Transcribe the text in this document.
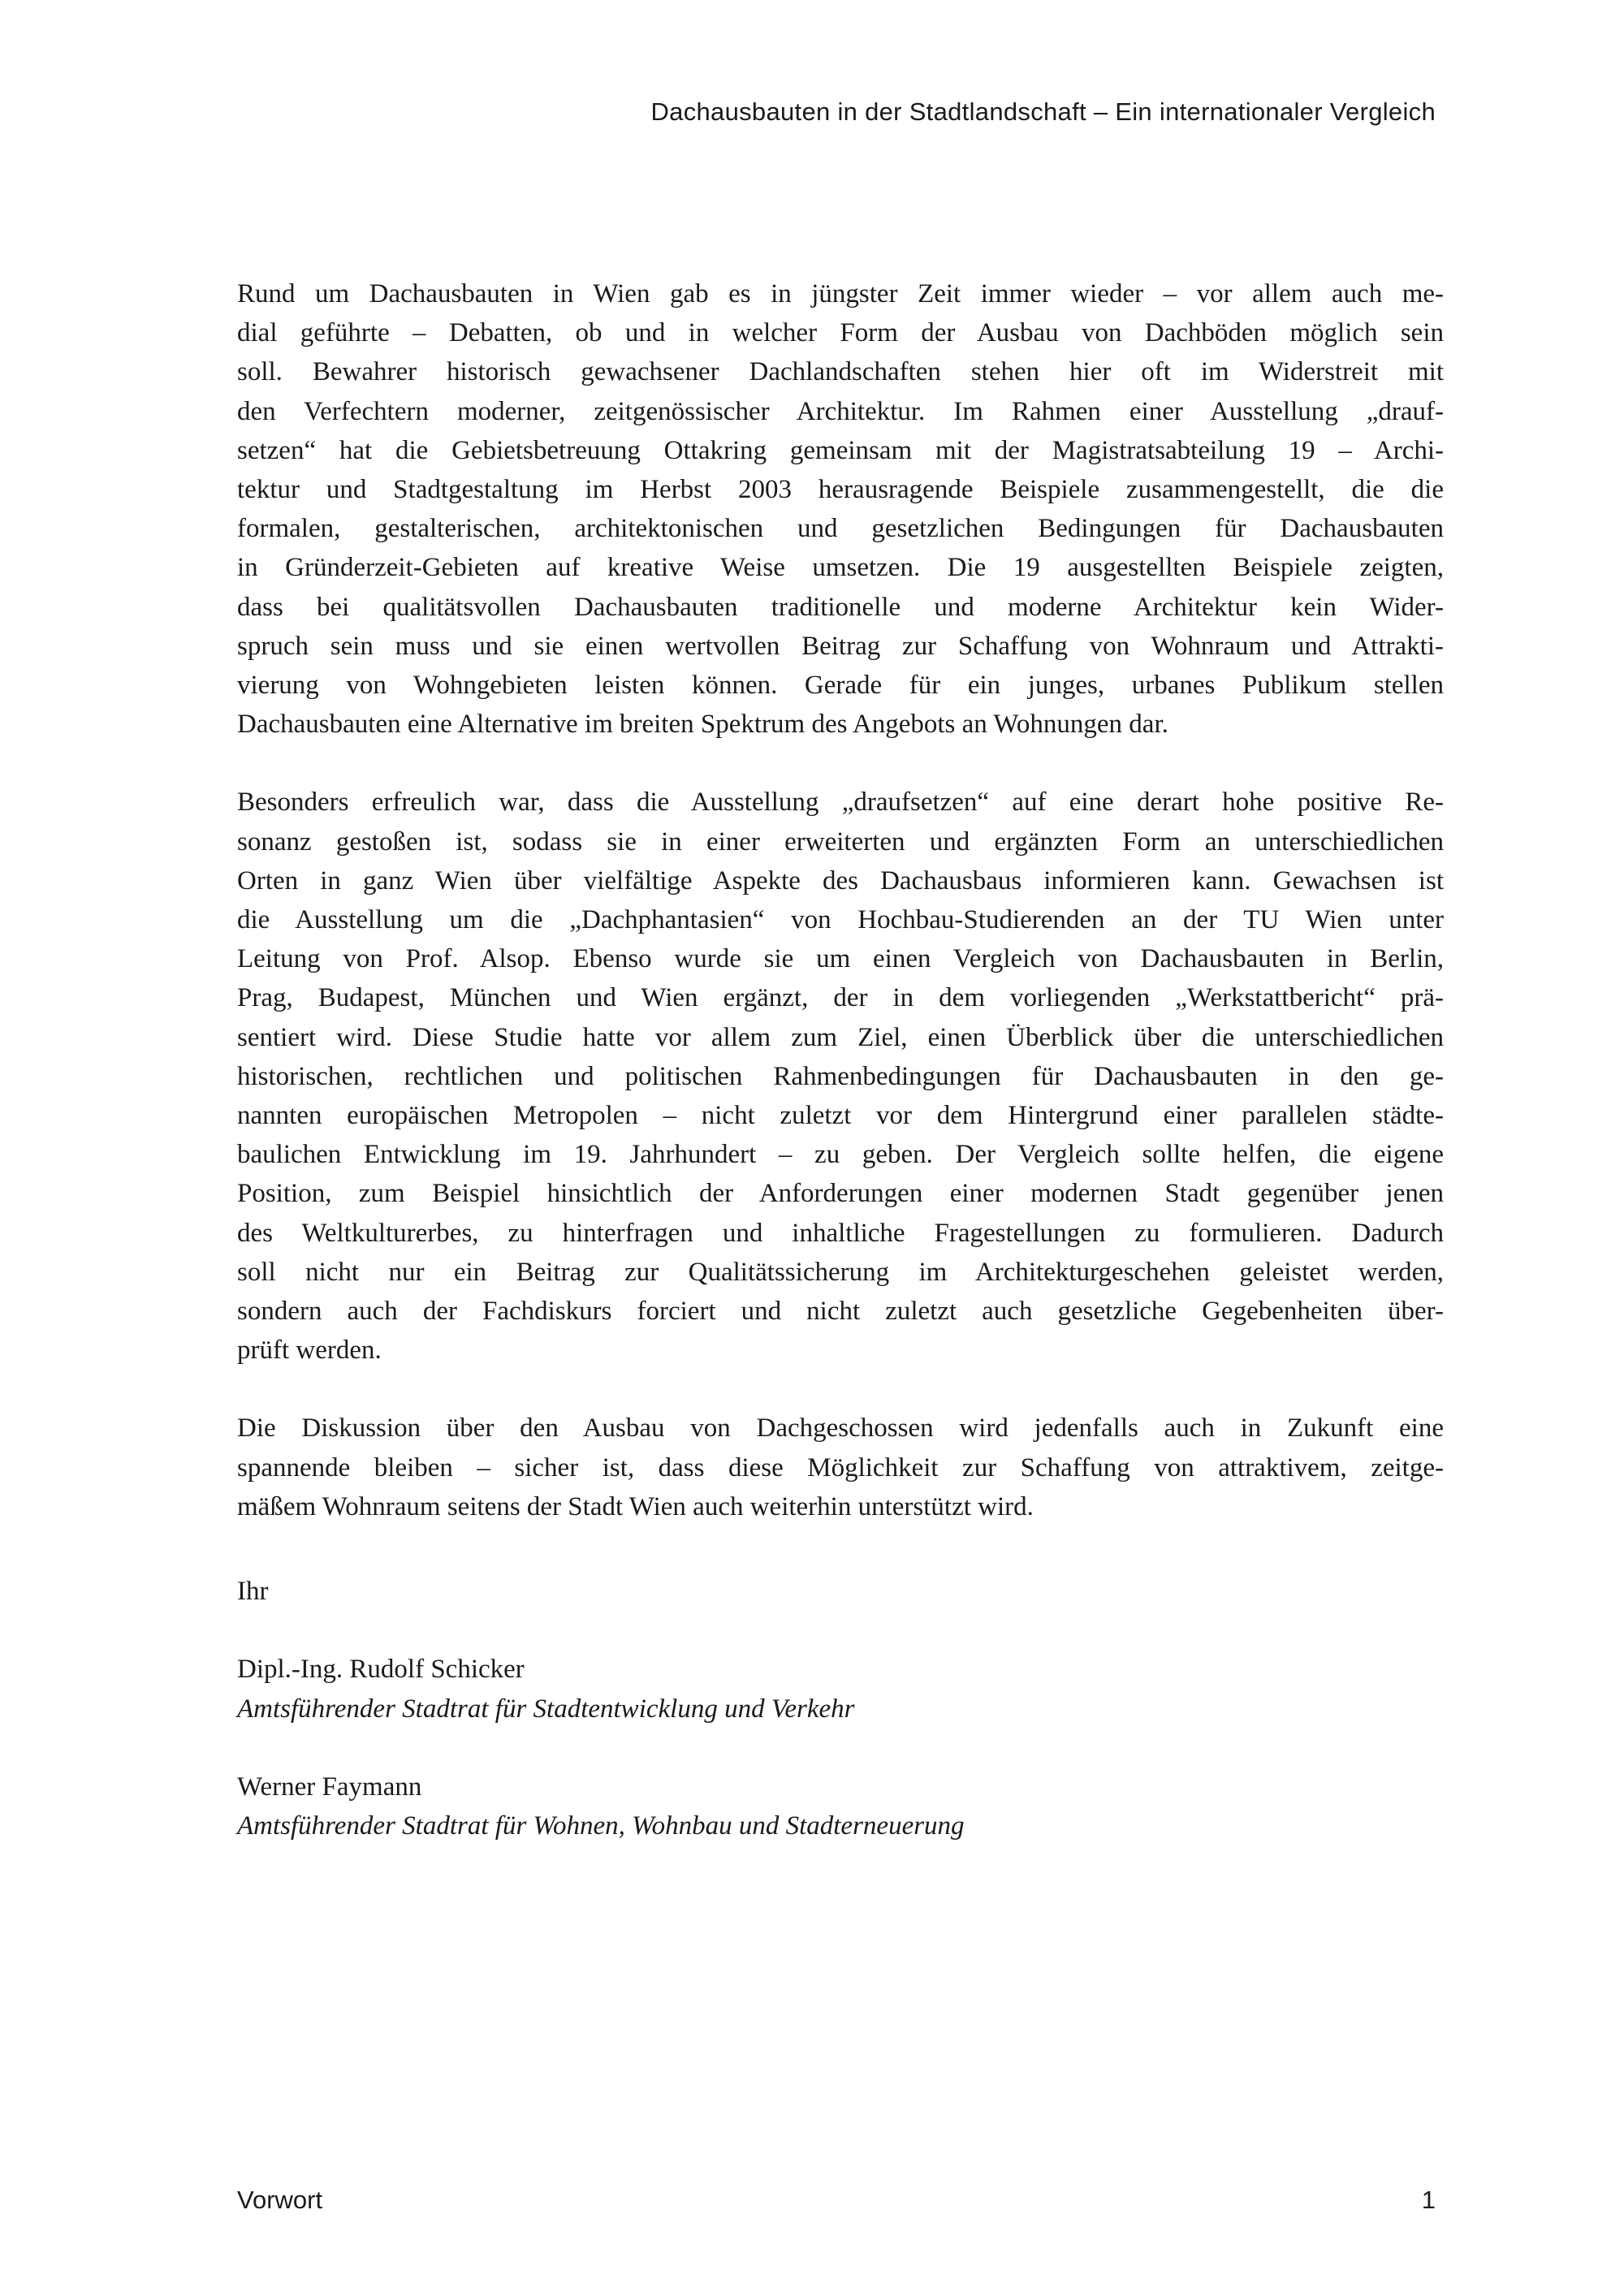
Dachausbauten in der Stadtlandschaft – Ein internationaler Vergleich

Rund um Dachausbauten in Wien gab es in jüngster Zeit immer wieder – vor allem auch me-
dial geführte – Debatten, ob und in welcher Form der Ausbau von Dachböden möglich sein
soll. Bewahrer historisch gewachsener Dachlandschaften stehen hier oft im Widerstreit mit
den Verfechtern moderner, zeitgenössischer Architektur. Im Rahmen einer Ausstellung „drauf-
setzen“ hat die Gebietsbetreuung Ottakring gemeinsam mit der Magistratsabteilung 19 – Archi-
tektur und Stadtgestaltung im Herbst 2003 herausragende Beispiele zusammengestellt, die die
formalen, gestalterischen, architektonischen und gesetzlichen Bedingungen für Dachausbauten
in Gründerzeit-Gebieten auf kreative Weise umsetzen. Die 19 ausgestellten Beispiele zeigten,
dass bei qualitätsvollen Dachausbauten traditionelle und moderne Architektur kein Wider-
spruch sein muss und sie einen wertvollen Beitrag zur Schaffung von Wohnraum und Attrakti-
vierung von Wohngebieten leisten können. Gerade für ein junges, urbanes Publikum stellen
Dachausbauten eine Alternative im breiten Spektrum des Angebots an Wohnungen dar.

Besonders erfreulich war, dass die Ausstellung „draufsetzen“ auf eine derart hohe positive Re-
sonanz gestoßen ist, sodass sie in einer erweiterten und ergänzten Form an unterschiedlichen
Orten in ganz Wien über vielfältige Aspekte des Dachausbaus informieren kann. Gewachsen ist
die Ausstellung um die „Dachphantasien“ von Hochbau-Studierenden an der TU Wien unter
Leitung von Prof. Alsop. Ebenso wurde sie um einen Vergleich von Dachausbauten in Berlin,
Prag, Budapest, München und Wien ergänzt, der in dem vorliegenden „Werkstattbericht“ prä-
sentiert wird. Diese Studie hatte vor allem zum Ziel, einen Überblick über die unterschiedlichen
historischen, rechtlichen und politischen Rahmenbedingungen für Dachausbauten in den ge-
nannten europäischen Metropolen – nicht zuletzt vor dem Hintergrund einer parallelen städte-
baulichen Entwicklung im 19. Jahrhundert – zu geben. Der Vergleich sollte helfen, die eigene
Position, zum Beispiel hinsichtlich der Anforderungen einer modernen Stadt gegenüber jenen
des Weltkulturerbes, zu hinterfragen und inhaltliche Fragestellungen zu formulieren. Dadurch
soll nicht nur ein Beitrag zur Qualitätssicherung im Architekturgeschehen geleistet werden,
sondern auch der Fachdiskurs forciert und nicht zuletzt auch gesetzliche Gegebenheiten über-
prüft werden.

Die Diskussion über den Ausbau von Dachgeschossen wird jedenfalls auch in Zukunft eine
spannende bleiben – sicher ist, dass diese Möglichkeit zur Schaffung von attraktivem, zeitge-
mäßem Wohnraum seitens der Stadt Wien auch weiterhin unterstützt wird.

Ihr

Dipl.-Ing. Rudolf Schicker
Amtsführender Stadtrat für Stadtentwicklung und Verkehr
Werner Faymann
Amtsführender Stadtrat für Wohnen, Wohnbau und Stadterneuerung
Vorwort	1
